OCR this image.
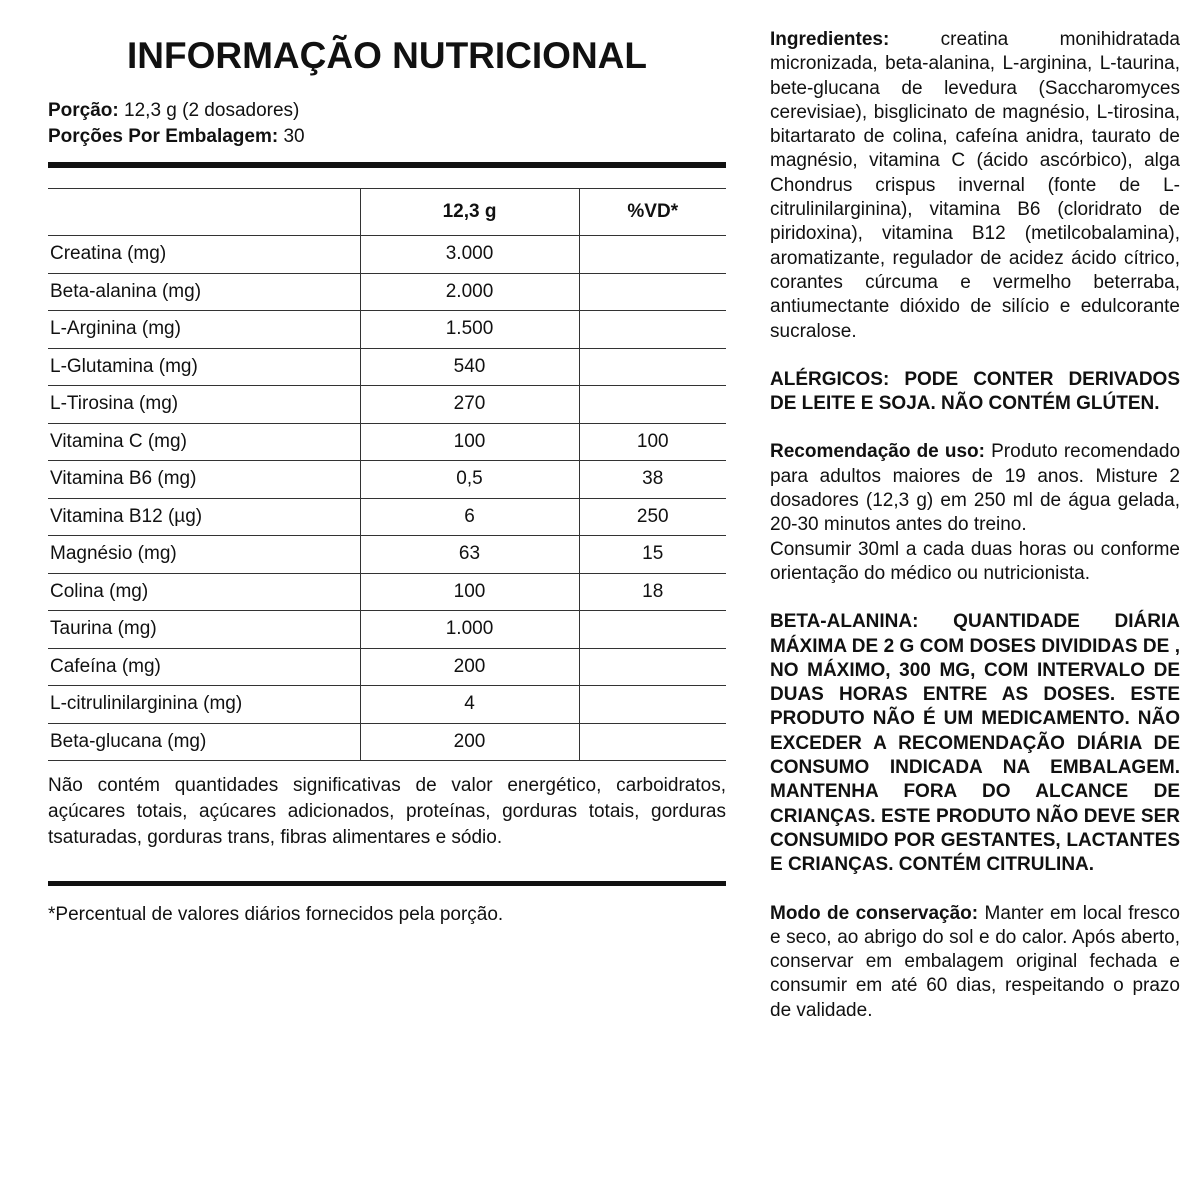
INFORMAÇÃO NUTRICIONAL
Porção: 12,3 g (2 dosadores)
Porções Por Embalagem: 30
	12,3 g	%VD*
Creatina (mg)	3.000	
Beta-alanina (mg)	2.000	
L-Arginina (mg)	1.500	
L-Glutamina (mg)	540	
L-Tirosina (mg)	270	
Vitamina C (mg)	100	100
Vitamina B6 (mg)	0,5	38
Vitamina B12 (µg)	6	250
Magnésio (mg)	63	15
Colina (mg)	100	18
Taurina (mg)	1.000	
Cafeína (mg)	200	
L-citrulinilarginina (mg)	4	
Beta-glucana (mg)	200	
Não contém quantidades significativas de valor energético, carboidratos, açúcares totais, açúcares adicionados, proteínas, gorduras totais, gorduras tsaturadas, gorduras trans, fibras alimentares e sódio.
*Percentual de valores diários fornecidos pela porção.

Ingredientes: creatina monihidratada micronizada, beta-alanina, L-arginina, L-taurina, bete-glucana de levedura (Saccharomyces cerevisiae), bisglicinato de magnésio, L-tirosina, bitartarato de colina, cafeína anidra, taurato de magnésio, vitamina C (ácido ascórbico), alga Chondrus crispus invernal (fonte de L-citrulinilarginina), vitamina B6 (cloridrato de piridoxina), vitamina B12 (metilcobalamina), aromatizante, regulador de acidez ácido cítrico, corantes cúrcuma e vermelho beterraba, antiumectante dióxido de silício e edulcorante sucralose.

ALÉRGICOS: PODE CONTER DERIVADOS DE LEITE E SOJA. NÃO CONTÉM GLÚTEN.

Recomendação de uso: Produto recomendado para adultos maiores de 19 anos. Misture 2 dosadores (12,3 g) em 250 ml de água gelada, 20-30 minutos antes do treino.

Consumir 30ml a cada duas horas ou conforme orientação do médico ou nutricionista.

BETA-ALANINA: QUANTIDADE DIÁRIA MÁXIMA DE 2 G COM DOSES DIVIDIDAS DE , NO MÁXIMO, 300 MG, COM INTERVALO DE DUAS HORAS ENTRE AS DOSES. ESTE PRODUTO NÃO É UM MEDICAMENTO. NÃO EXCEDER A RECOMENDAÇÃO DIÁRIA DE CONSUMO INDICADA NA EMBALAGEM. MANTENHA FORA DO ALCANCE DE CRIANÇAS. ESTE PRODUTO NÃO DEVE SER CONSUMIDO POR GESTANTES, LACTANTES E CRIANÇAS. CONTÉM CITRULINA.

Modo de conservação: Manter em local fresco e seco, ao abrigo do sol e do calor. Após aberto, conservar em embalagem original fechada e consumir em até 60 dias, respeitando o prazo de validade.
